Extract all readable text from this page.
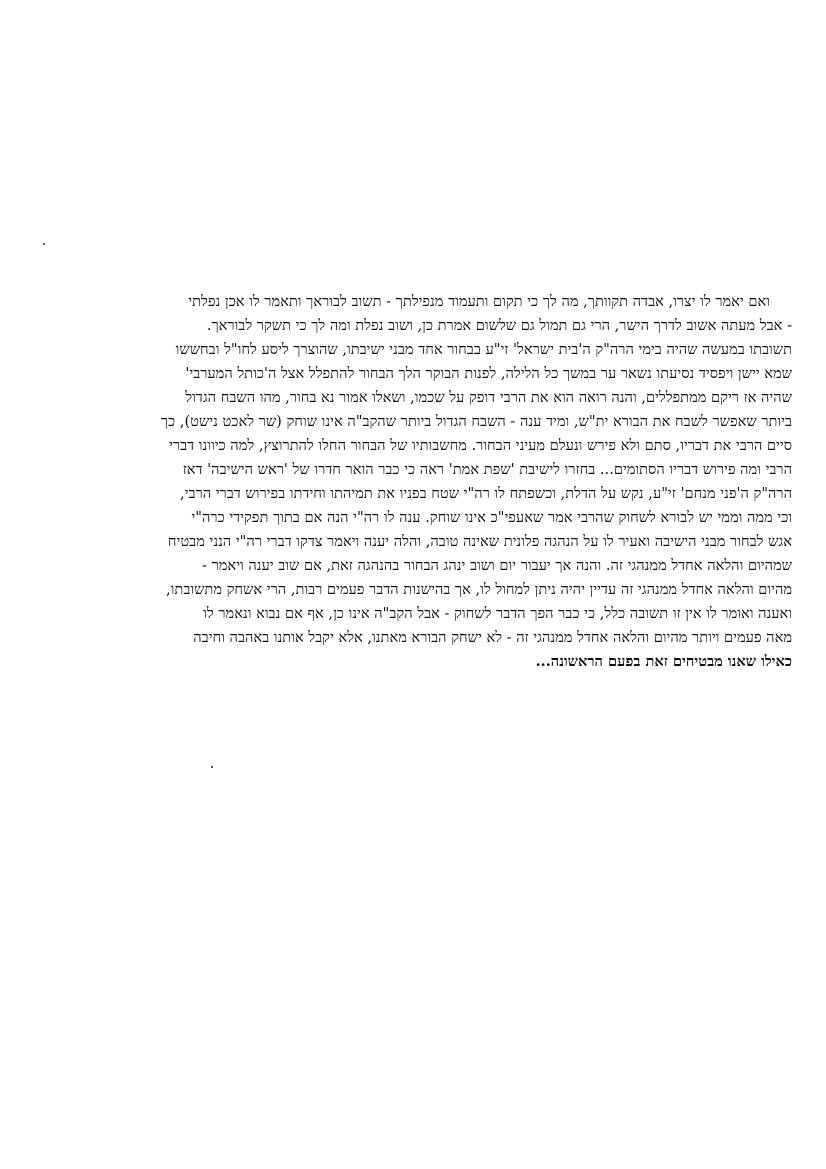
ואם יאמר לו יצרו, אבדה תקוותך, מה לך כי תקום ותעמוד מנפילתך - תשוב לבוראך ותאמר לו אכן נפלתי
- אבל מעתה אשוב לדרך הישר, הרי גם תמול גם שלשום אמרת כן, ושוב נפלת ומה לך כי תשקר לבוראך.
תשובתו במעשה שהיה בימי הרה"ק ה'בית ישראל' זי"ע בבחור אחד מבני ישיבתו, שהוצרך ליסע לחו"ל ובחששו
שמא יישן ויפסיד נסיעתו נשאר ער במשך כל הלילה, לפנות הבוקר הלך הבחור להתפלל אצל ה'כותל המערבי'
שהיה אז ריקם ממתפללים, והנה רואה הוא את הרבי דופק על שכמו, ושאלו אמור נא בחור, מהו השבח הגדול
ביותר שאפשר לשבח את הבורא ית"ש, ומיד ענה - השבח הגדול ביותר שהקב"ה אינו שוחק (שר לאכט נישט), כך
סיים הרבי את דבריו, סתם ולא פירש ונעלם מעיני הבחור. מחשבותיו של הבחור החלו להתרוצץ, למה כיוונו דברי
הרבי ומה פירוש דבריו הסתומים... בחזרו לישיבת 'שפת אמת' ראה כי כבר הואר חדרו של 'ראש הישיבה' דאז
הרה"ק ה'פני מנחם' זי"ע, נקש על הדלת, וכשפתח לו רה"י שטח בפניו את תמיהתו וחידתו בפירוש דברי הרבי,
וכי ממה וממי יש לבורא לשחוק שהרבי אמר שאעפי"כ אינו שוחק. ענה לו רה"י הנה אם בתוך תפקידי כרה"י
אגש לבחור מבני הישיבה ואעיר לו על הנהגה פלונית שאינה טובה, והלה יענה ויאמר צדקו דברי רה"י הנני מבטיח
שמהיום והלאה אחדל ממנהגי זה. והנה אך יעבור יום ושוב ינהג הבחור בהנהגה זאת, אם שוב יענה ויאמר -
מהיום והלאה אחדל ממנהגי זה עדיין יהיה ניתן למחול לו, אך בהישנות הדבר פעמים רבות, הרי אשחק מתשובתו,
ואענה ואומר לו אין זו תשובה כלל, כי כבר הפך הדבר לשחוק - אבל הקב"ה אינו כן, אף אם נבוא ונאמר לו
מאה פעמים ויותר מהיום והלאה אחדל ממנהגי זה - לא ישחק הבורא מאתנו, אלא יקבל אותנו באהבה וחיבה
כאילו שאנו מבטיחים זאת בפעם הראשונה...
